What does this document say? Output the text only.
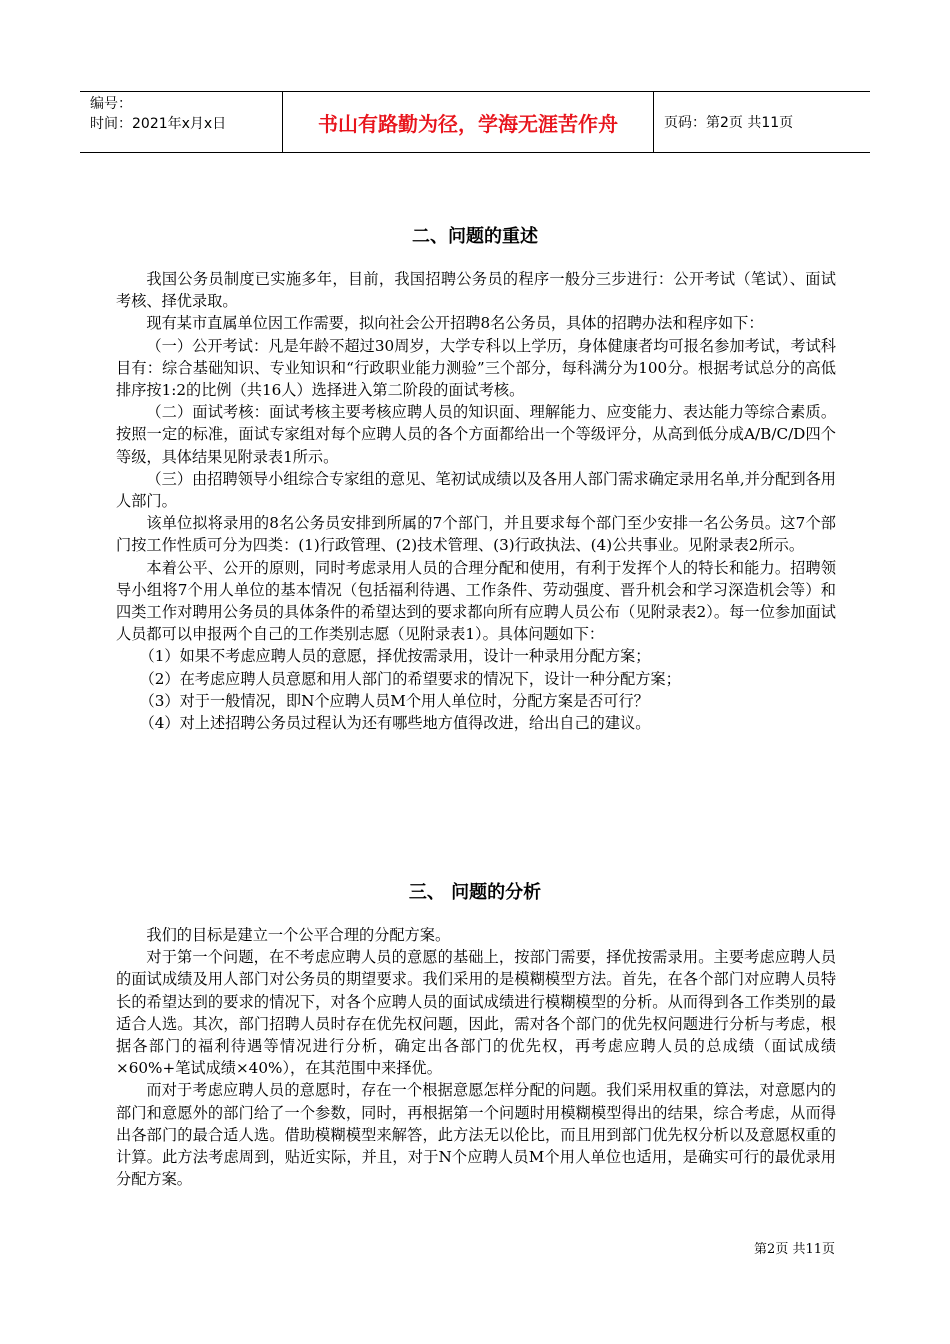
编号：
时间：2021年x月x日	书山有路勤为径，学海无涯苦作舟	页码：第2页 共11页
二、问题的重述

我国公务员制度已实施多年，目前，我国招聘公务员的程序一般分三步进行：公开考试（笔试）、面试考核、择优录取。

现有某市直属单位因工作需要，拟向社会公开招聘8名公务员，具体的招聘办法和程序如下：

（一）公开考试：凡是年龄不超过30周岁，大学专科以上学历，身体健康者均可报名参加考试，考试科目有：综合基础知识、专业知识和“行政职业能力测验”三个部分，每科满分为100分。根据考试总分的高低排序按1:2的比例（共16人）选择进入第二阶段的面试考核。

（二）面试考核：面试考核主要考核应聘人员的知识面、理解能力、应变能力、表达能力等综合素质。按照一定的标准，面试专家组对每个应聘人员的各个方面都给出一个等级评分，从高到低分成A/B/C/D四个等级，具体结果见附录表1所示。

（三）由招聘领导小组综合专家组的意见、笔初试成绩以及各用人部门需求确定录用名单,并分配到各用人部门。

该单位拟将录用的8名公务员安排到所属的7个部门，并且要求每个部门至少安排一名公务员。这7个部门按工作性质可分为四类：(1)行政管理、(2)技术管理、(3)行政执法、(4)公共事业。见附录表2所示。

本着公平、公开的原则，同时考虑录用人员的合理分配和使用，有利于发挥个人的特长和能力。招聘领导小组将7个用人单位的基本情况（包括福利待遇、工作条件、劳动强度、晋升机会和学习深造机会等）和四类工作对聘用公务员的具体条件的希望达到的要求都向所有应聘人员公布（见附录表2）。每一位参加面试人员都可以申报两个自己的工作类别志愿（见附录表1）。具体问题如下：

（1）如果不考虑应聘人员的意愿，择优按需录用，设计一种录用分配方案；

（2）在考虑应聘人员意愿和用人部门的希望要求的情况下，设计一种分配方案；

（3）对于一般情况，即N个应聘人员M个用人单位时，分配方案是否可行？

（4）对上述招聘公务员过程认为还有哪些地方值得改进，给出自己的建议。

三、 问题的分析

我们的目标是建立一个公平合理的分配方案。

对于第一个问题，在不考虑应聘人员的意愿的基础上，按部门需要，择优按需录用。主要考虑应聘人员的面试成绩及用人部门对公务员的期望要求。我们采用的是模糊模型方法。首先，在各个部门对应聘人员特长的希望达到的要求的情况下，对各个应聘人员的面试成绩进行模糊模型的分析。从而得到各工作类别的最适合人选。其次，部门招聘人员时存在优先权问题，因此，需对各个部门的优先权问题进行分析与考虑，根据各部门的福利待遇等情况进行分析，确定出各部门的优先权，再考虑应聘人员的总成绩（面试成绩×60%+笔试成绩×40%），在其范围中来择优。

而对于考虑应聘人员的意愿时，存在一个根据意愿怎样分配的问题。我们采用权重的算法，对意愿内的部门和意愿外的部门给了一个参数，同时，再根据第一个问题时用模糊模型得出的结果，综合考虑，从而得出各部门的最合适人选。借助模糊模型来解答，此方法无以伦比，而且用到部门优先权分析以及意愿权重的计算。此方法考虑周到，贴近实际，并且，对于N个应聘人员M个用人单位也适用，是确实可行的最优录用分配方案。

第2页 共11页
